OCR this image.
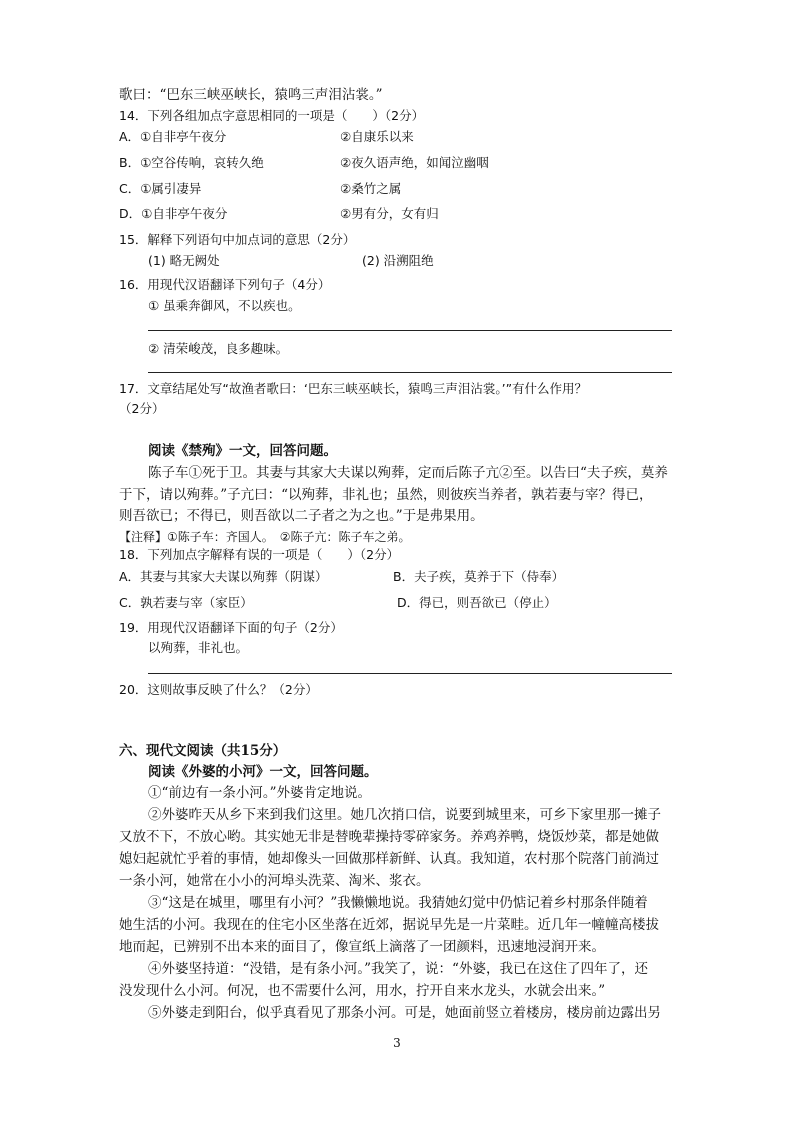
歌曰：“巴东三峡巫峡长，猿鸣三声泪沾裳。”
14．下列各组加点字意思相同的一项是（　　）（2分）
A．①自非亭午夜分	②自康乐以来
B．①空谷传响，哀转久绝	②夜久语声绝，如闻泣幽咽
C．①属引凄异	②桑竹之属
D．①自非亭午夜分	②男有分，女有归
15．解释下列语句中加点词的意思（2分）
(1) 略无阙处	(2) 沿溯阻绝
16．用现代汉语翻译下列句子（4分）
① 虽乘奔御风，不以疾也。
② 清荣峻茂，良多趣味。
17．文章结尾处写“故渔者歌曰：‘巴东三峡巫峡长，猿鸣三声泪沾裳。’”有什么作用？
（2分）
阅读《禁殉》一文，回答问题。
陈子车①死于卫。其妻与其家大夫谋以殉葬，定而后陈子亢②至。以告曰“夫子疾，莫养
于下，请以殉葬。”子亢曰：“以殉葬，非礼也；虽然，则彼疾当养者，孰若妻与宰？得已，
则吾欲已；不得已，则吾欲以二子者之为之也。”于是弗果用。
【注释】①陈子车：齐国人。　②陈子亢：陈子车之弟。
18．下列加点字解释有误的一项是（　　）（2分）
A．其妻与其家大夫谋以殉葬（阴谋）	B．夫子疾，莫养于下（侍奉）
C．孰若妻与宰（家臣）	D．得已，则吾欲已（停止）
19．用现代汉语翻译下面的句子（2分）
以殉葬，非礼也。
20．这则故事反映了什么？（2分）
六、现代文阅读（共15分）
阅读《外婆的小河》一文，回答问题。
①“前边有一条小河。”外婆肯定地说。
②外婆昨天从乡下来到我们这里。她几次捎口信，说要到城里来，可乡下家里那一摊子
又放不下，不放心哟。其实她无非是替晚辈操持零碎家务。养鸡养鸭，烧饭炒菜，都是她做
媳妇起就忙乎着的事情，她却像头一回做那样新鲜、认真。我知道，农村那个院落门前淌过
一条小河，她常在小小的河埠头洗菜、淘米、浆衣。
③“这是在城里，哪里有小河？”我懒懒地说。我猜她幻觉中仍惦记着乡村那条伴随着
她生活的小河。我现在的住宅小区坐落在近郊，据说早先是一片菜畦。近几年一幢幢高楼拔
地而起，已辨别不出本来的面目了，像宣纸上滴落了一团颜料，迅速地浸润开来。
④外婆坚持道：“没错，是有条小河。”我笑了，说：“外婆，我已在这住了四年了，还
没发现什么小河。何况，也不需要什么河，用水，拧开自来水龙头，水就会出来。”
⑤外婆走到阳台，似乎真看见了那条小河。可是，她面前竖立着楼房，楼房前边露出另
3
